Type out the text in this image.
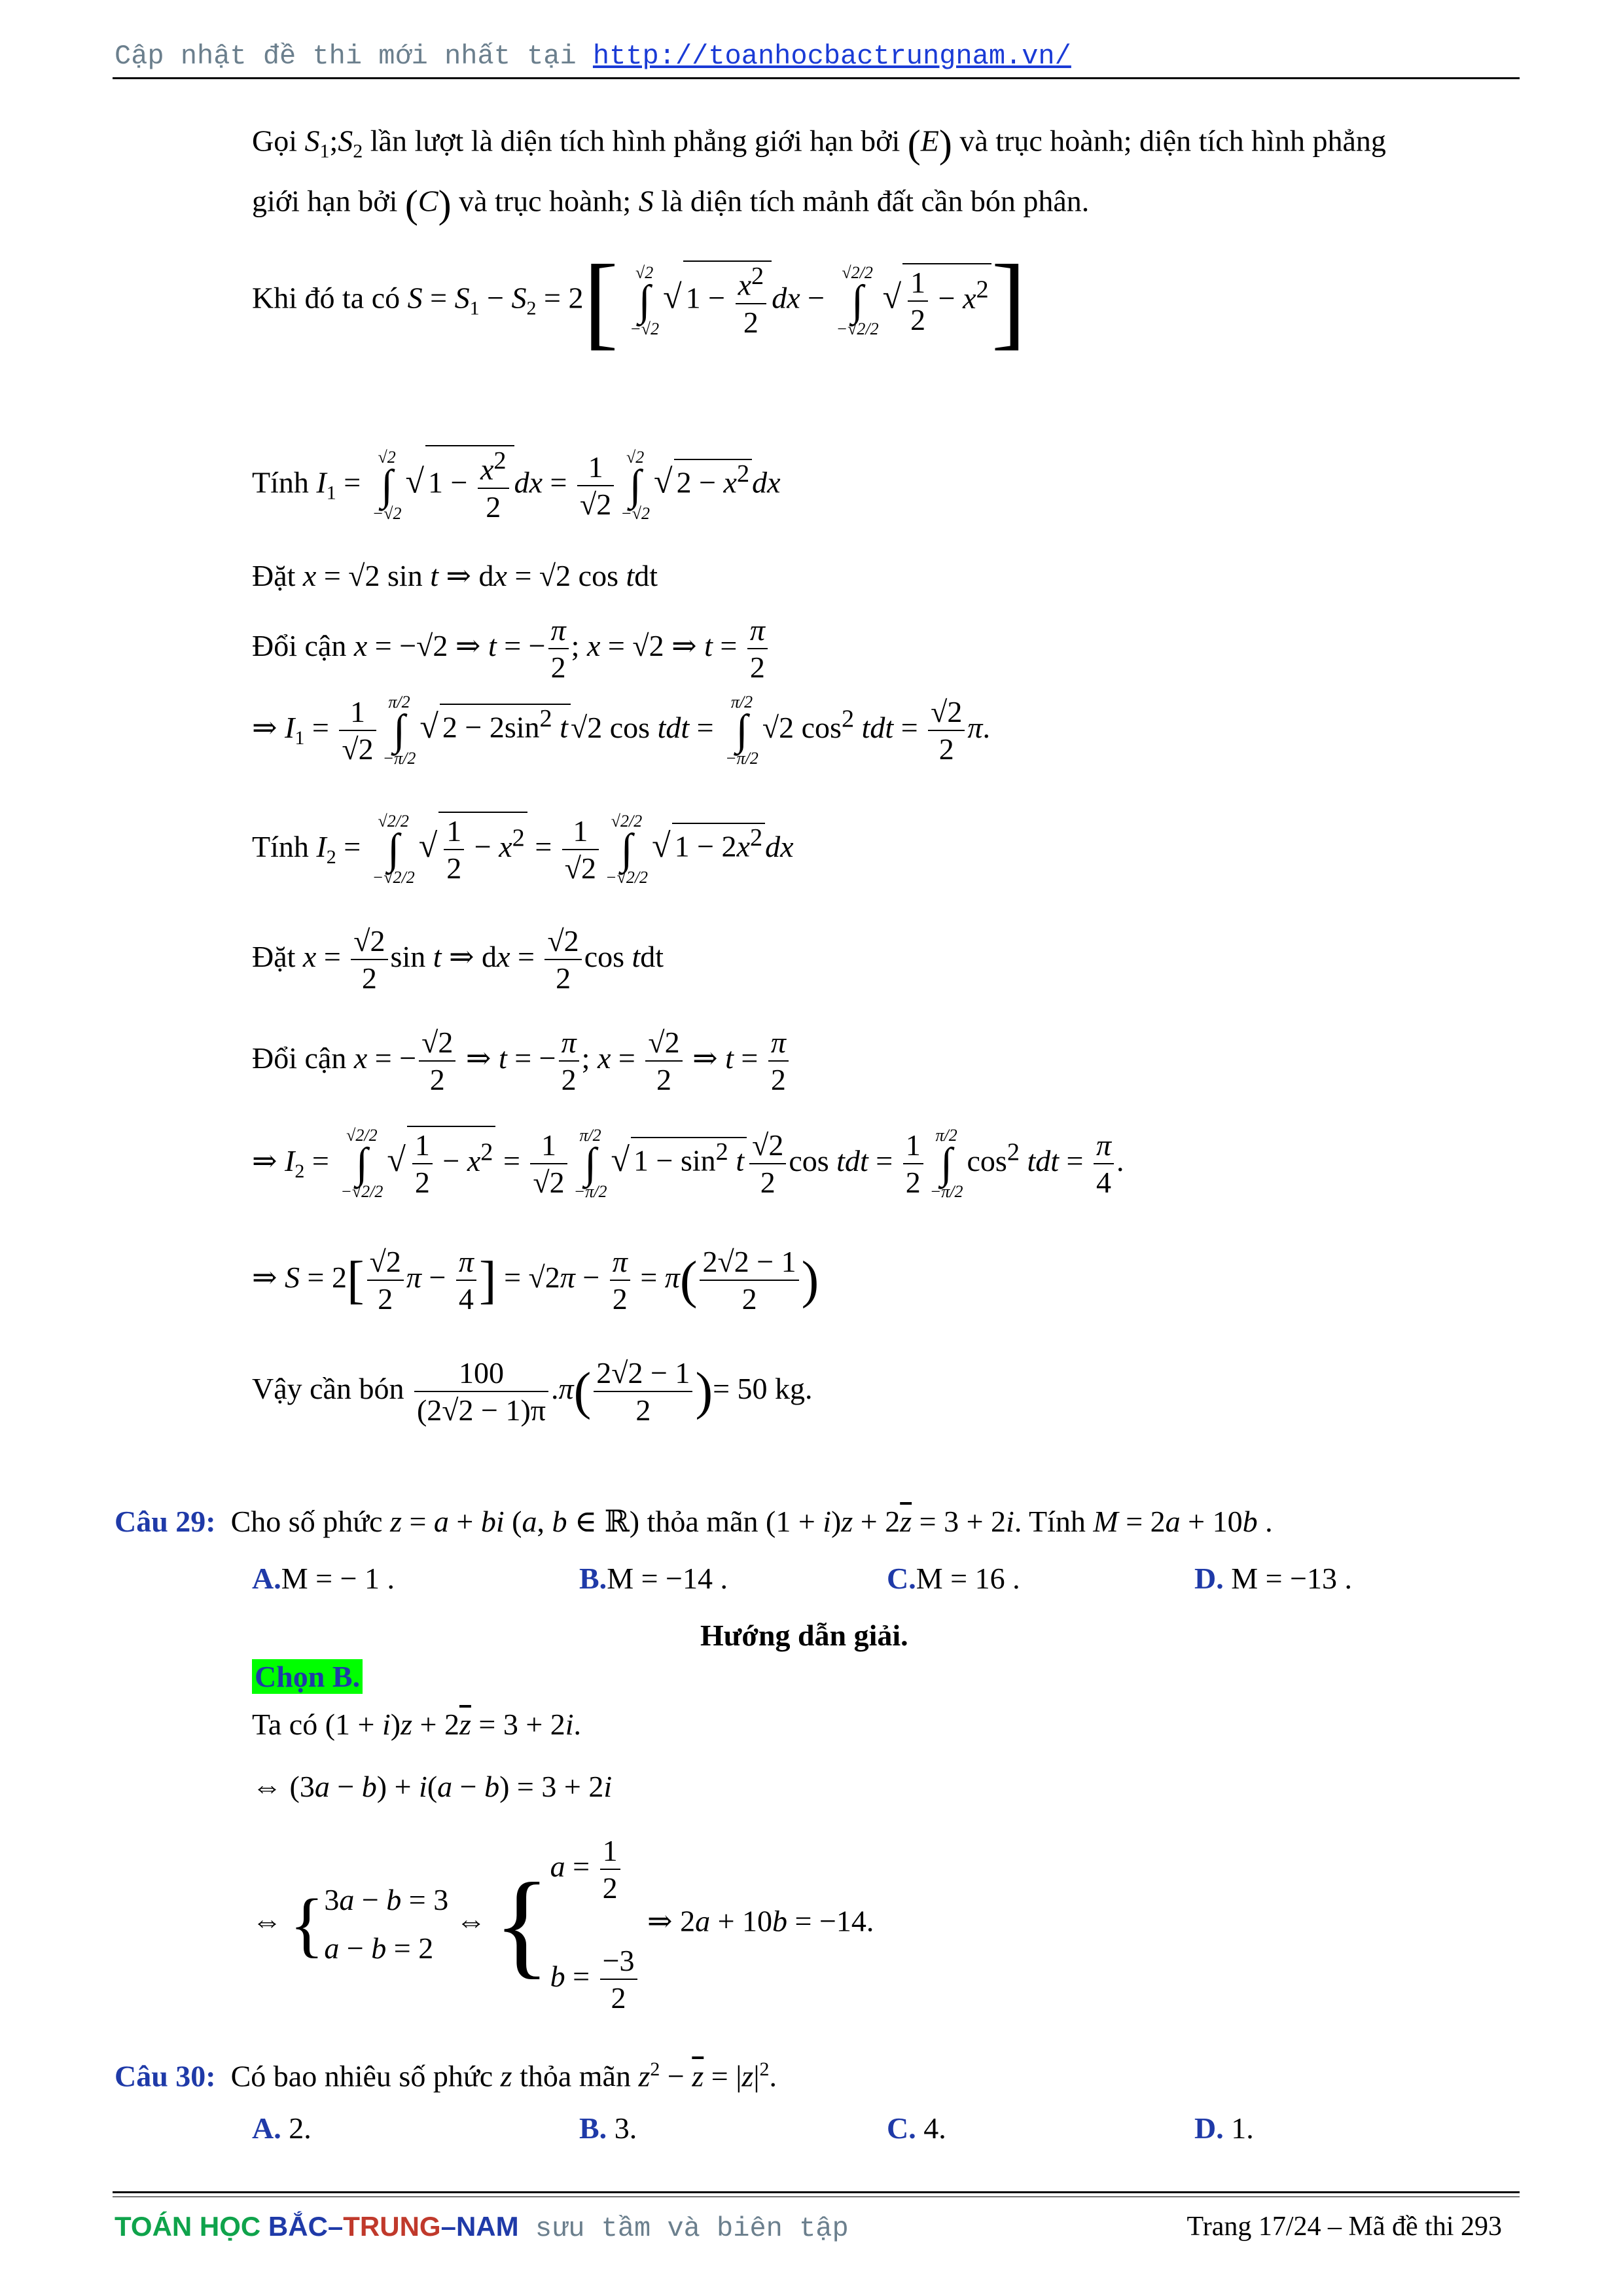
Cập nhật đề thi mới nhất tại http://toanhocbactrungnam.vn/
Gọi $S_1;S_2$ lần lượt là diện tích hình phẳng giới hạn bởi (E) và trục hoành; diện tích hình phẳng
giới hạn bởi (C) và trục hoành; S là diện tích mảnh đất cần bón phân.
Khi đó ta có $S = S_1 - S_2 = 2$[	√2
∫
−√2
√ $1 - \frac{x^2}{2}$ dx −
√2/2
∫
−√2/2
√ $\frac{1}{2} - x^2$]
Tính $I_1$ =
√2
∫
−√2
√ $1 - \frac{x^2}{2}$ dx = $\frac{1}{√2} √2$
∫
−√2
√ $2 - x^2dx$
Đặt x = √2 sin t ⇒ dx = √2 cos tdt
Đổi cận x = −√2 ⇒ t = − $\frac{\pi}{2}$ ; x = √2 ⇒ $t = \frac{\pi}{2}$
⇒ $I_1 = \frac{1}{√2} \pi/2$
∫
−π/2
√ $2 - 2\sin^2$ t√2 cos tdt =
π/2
∫
−π/2
√2 $\cos^2$ tdt = $\frac{√2}{2} \pi$.
Tính $I_2$ =
√2/2
∫
−√2/2
√ $\frac{1}{2} - x^2 = \frac{1}{√2} √2/2$
∫
−√2/2
√ $1 - 2x^2dx$
Đặt $x = \frac{√2}{2}$ sin t ⇒ dx = $\frac{√2}{2}$ cos tdt
Đổi cận x = − $\frac{√2}{2}$ ⇒ t = − $\frac{\pi}{2}$ ; $x = \frac{√2}{2}$ ⇒ $t = \frac{\pi}{2}$
⇒ $I_2$ =
√2/2
∫
−√2/2
√ $\frac{1}{2} - x^2 = \frac{1}{√2} \pi/2$
∫
−π/2
√ $1 - \sin^2 t \frac{√2}{2}$ cos tdt = $\frac{1}{2} \pi/2$
∫
−π/2
$\cos^2$ tdt = $\frac{\pi}{4}$ .
⇒ $S = 2[ \frac{√2}{2}$ $\pi - \frac{\pi}{4}$ ] = $√2\pi - \frac{\pi}{2} = \pi( \frac{2√2 - 1}{2}$ )
Vậy cần bón $\frac{100}{(2√2 - 1)\pi} .\pi( \frac{2√2 - 1}{2}$ )= 50 kg.
Câu 29: Cho số phức z = a + bi (a, b ∈ ℝ) thỏa mãn $(1 + i)z + 2\overline{z} = 3 + 2i$. Tính M = 2a + 10b .
A.M = − 1 .	B.M = −14 .	C.M = 16 .	D. M = −13 .
Hướng dẫn giải.
Chọn B.
Ta có $(1 + i)z + 2\overline{z} = 3 + 2i$.
⇔ (3a − b) + i(a − b) = 3 + 2i
⇔ {3a − b = 3
a − b = 2 ⇔ {$a = \frac{1}{2}$

$b = \frac{-3}{2}$
⇒ 2a + 10b = −14.
Câu 30: Có bao nhiêu số phức z thỏa mãn $z^2 - \overline{z} = |z|^2$.
A. 2.	B. 3.	C. 4.	D. 1.
TOÁN HỌC BẮC–TRUNG–NAM sưu tầm và biên tập	Trang 17/24 – Mã đề thi 293
